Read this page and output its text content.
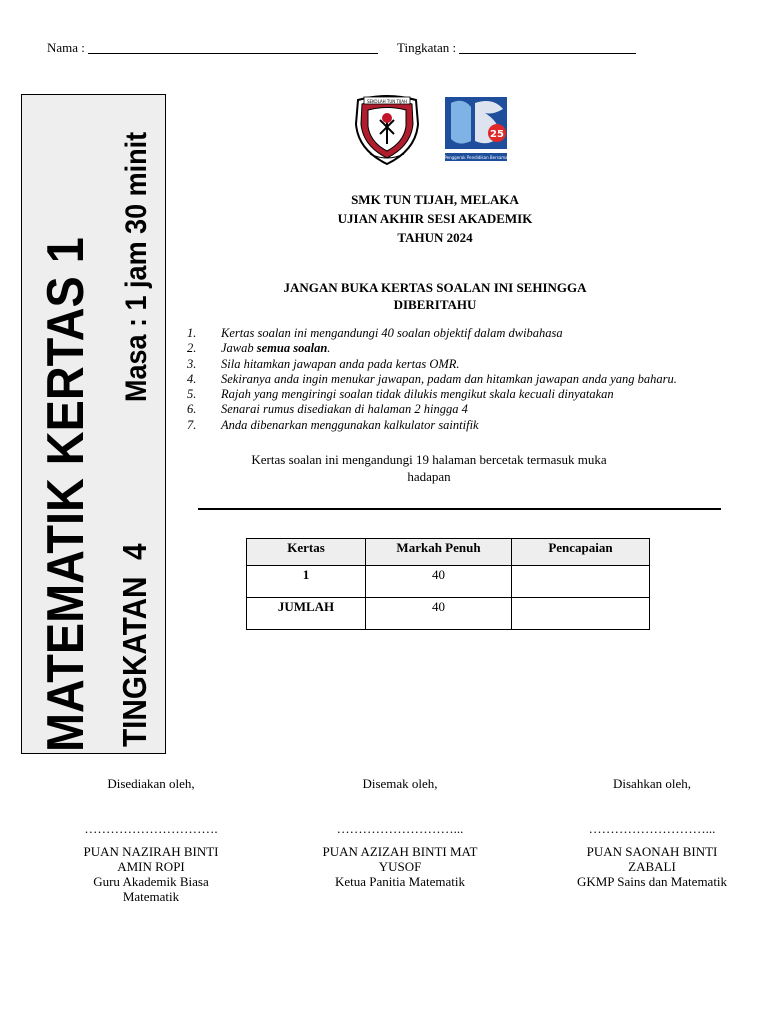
Nama :	Tingkatan :
MATEMATIK KERTAS 1 TINGKATAN  4
Masa : 1 jam 30 minit
SEKOLAH TUN TIJAH
25
Penggerak Pendidikan Bersama
SMK TUN TIJAH, MELAKA
UJIAN AKHIR SESI AKADEMIK
TAHUN 2024
JANGAN BUKA KERTAS SOALAN INI SEHINGGA
DIBERITAHU
1.	Kertas soalan ini mengandungi 40 soalan objektif dalam dwibahasa
2.	Jawab semua soalan.
3.	Sila hitamkan jawapan anda pada kertas OMR.
4.	Sekiranya anda ingin menukar jawapan, padam dan hitamkan jawapan anda yang baharu.
5.	Rajah yang mengiringi soalan tidak dilukis mengikut skala kecuali dinyatakan
6.	Senarai rumus disediakan di halaman 2 hingga 4
7.	Anda dibenarkan menggunakan kalkulator saintifik
Kertas soalan ini mengandungi 19 halaman bercetak termasuk muka
hadapan
Kertas	Markah Penuh	Pencapaian
1	40	
JUMLAH	40	
Disediakan oleh,
………………………….
PUAN NAZIRAH BINTI
AMIN ROPI
Guru Akademik Biasa
Matematik
Disemak oleh,
………………………...
PUAN AZIZAH BINTI MAT
YUSOF
Ketua Panitia Matematik
Disahkan oleh,
………………………...
PUAN SAONAH BINTI
ZABALI
GKMP Sains dan Matematik
